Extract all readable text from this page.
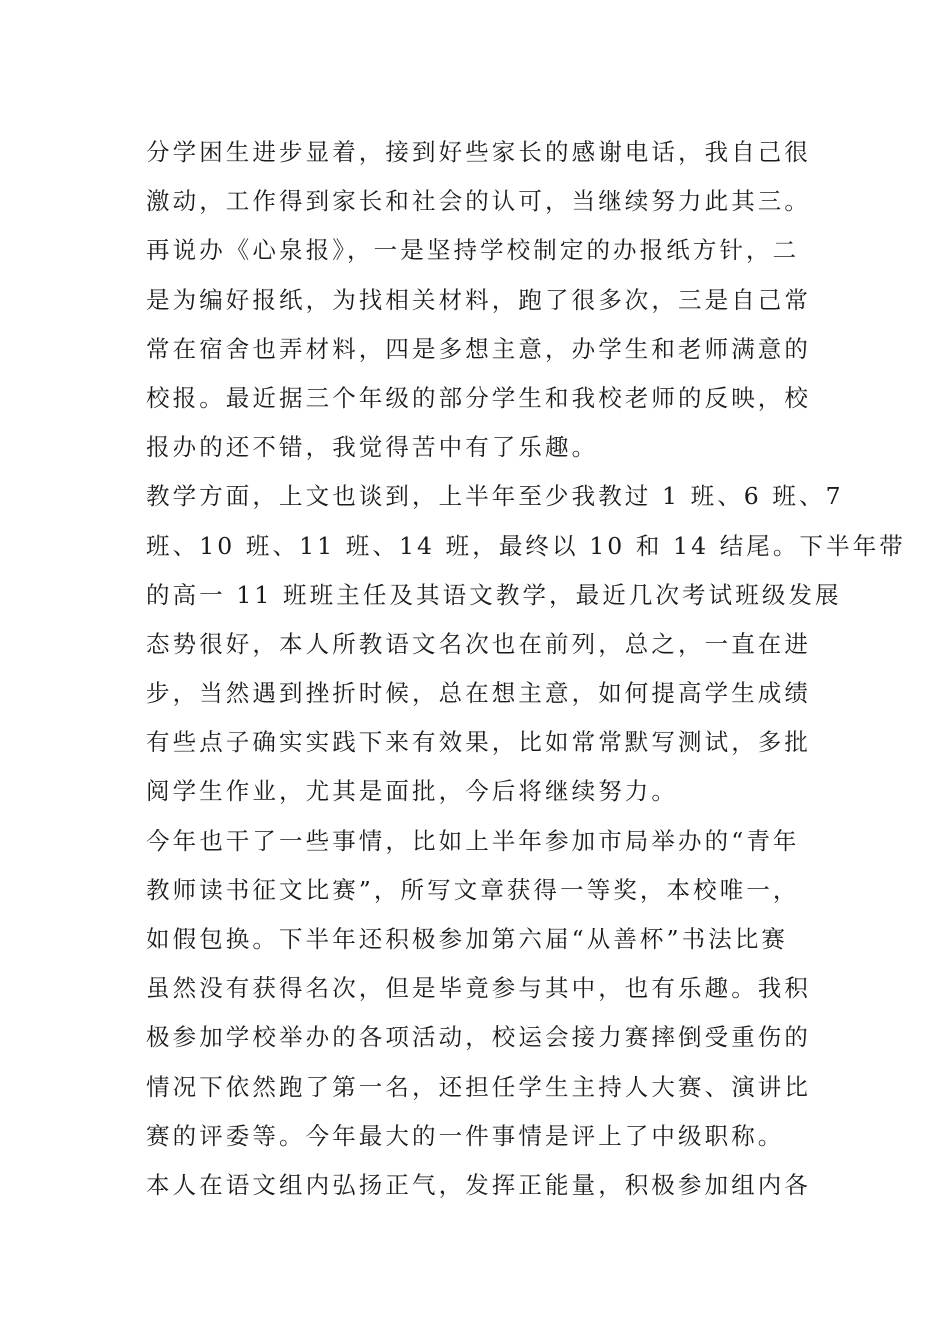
分学困生进步显着，接到好些家长的感谢电话，我自己很
激动，工作得到家长和社会的认可，当继续努力此其三。
再说办《心泉报》，一是坚持学校制定的办报纸方针，二
是为编好报纸，为找相关材料，跑了很多次，三是自己常
常在宿舍也弄材料，四是多想主意，办学生和老师满意的
校报。最近据三个年级的部分学生和我校老师的反映，校
报办的还不错，我觉得苦中有了乐趣。
教学方面，上文也谈到，上半年至少我教过 1 班、6 班、7
班、10 班、11 班、14 班，最终以 10 和 14 结尾。下半年带
的高一 11 班班主任及其语文教学，最近几次考试班级发展
态势很好，本人所教语文名次也在前列，总之，一直在进
步，当然遇到挫折时候，总在想主意，如何提高学生成绩
有些点子确实实践下来有效果，比如常常默写测试，多批
阅学生作业，尤其是面批，今后将继续努力。
今年也干了一些事情，比如上半年参加市局举办的“青年
教师读书征文比赛”，所写文章获得一等奖，本校唯一，
如假包换。下半年还积极参加第六届“从善杯”书法比赛
虽然没有获得名次，但是毕竟参与其中，也有乐趣。我积
极参加学校举办的各项活动，校运会接力赛摔倒受重伤的
情况下依然跑了第一名，还担任学生主持人大赛、演讲比
赛的评委等。今年最大的一件事情是评上了中级职称。
本人在语文组内弘扬正气，发挥正能量，积极参加组内各
